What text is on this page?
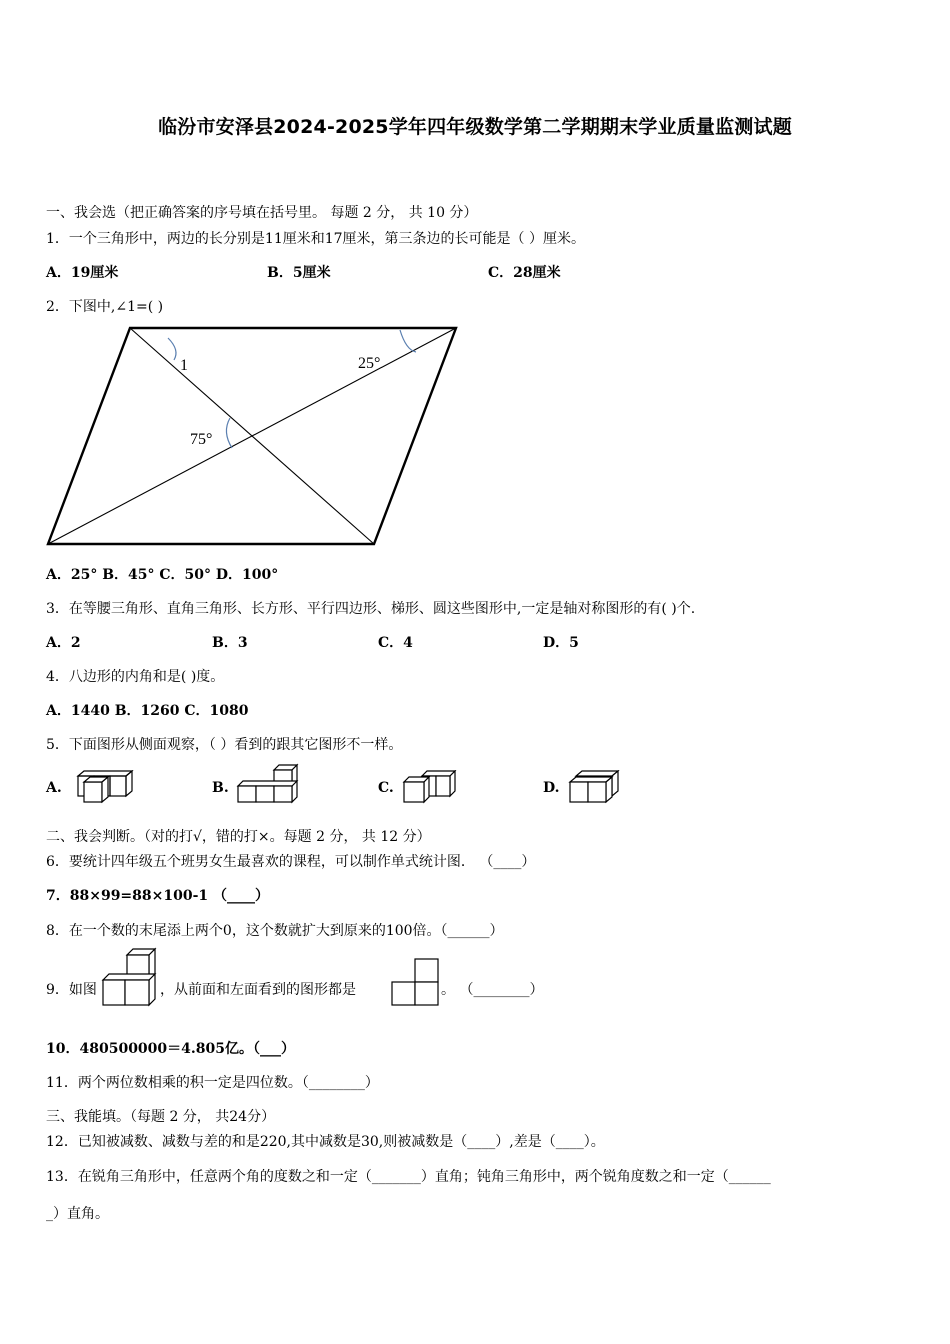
临汾市安泽县2024-2025学年四年级数学第二学期期末学业质量监测试题
一、我会选（把正确答案的序号填在括号里。 每题 2 分， 共 10 分）
1．一个三角形中，两边的长分别是11厘米和17厘米，第三条边的长可能是（ ）厘米。
A．19厘米	B．5厘米	C．28厘米
2．下图中,∠1=( )
1	25°
75°
A．25° B．45° C．50° D．100°
3．在等腰三角形、直角三角形、长方形、平行四边形、梯形、圆这些图形中,一定是轴对称图形的有( )个.
A．2	B．3	C．4	D．5
4．八边形的内角和是( )度。
A．1440 B．1260 C．1080
5．下面图形从侧面观察，（ ）看到的跟其它图形不一样。
A.	B.	C.	D.
二、我会判断。（对的打√，错的打×。每题 2 分， 共 12 分）
6．要统计四年级五个班男女生最喜欢的课程，可以制作单式统计图． （____）
7．88×99=88×100-1 （____）
8．在一个数的末尾添上两个0，这个数就扩大到原来的100倍。（______）
9．如图	，从前面和左面看到的图形都是	。 （________）
10．480500000＝4.805亿。（___）
11．两个两位数相乘的积一定是四位数。（________）
三、我能填。（每题 2 分， 共24分）
12．已知被减数、减数与差的和是220,其中减数是30,则被减数是（____）,差是（____）。
13．在锐角三角形中，任意两个角的度数之和一定（_______）直角；钝角三角形中，两个锐角度数之和一定（______
_）直角。
